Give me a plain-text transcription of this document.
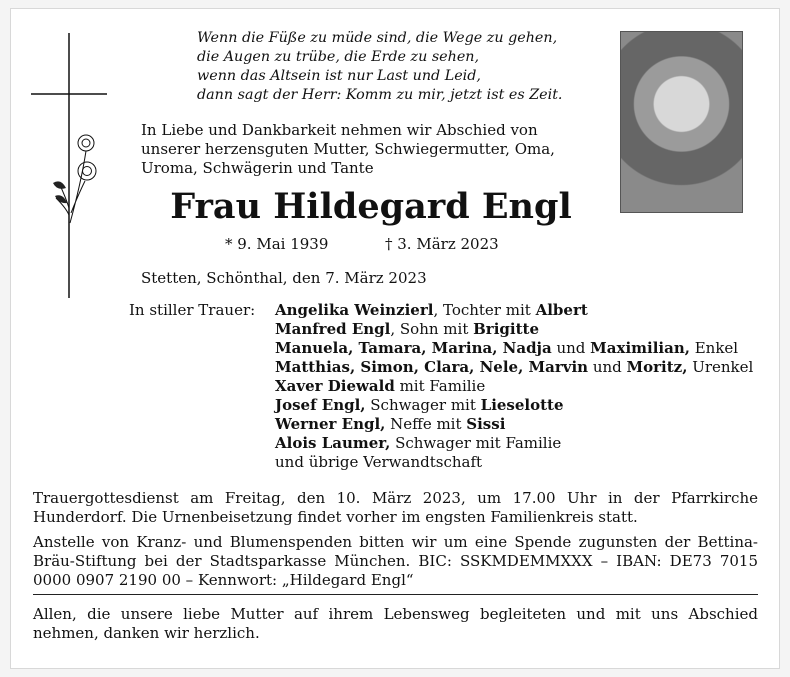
Wenn die Füße zu müde sind, die Wege zu gehen,
die Augen zu trübe, die Erde zu sehen,
wenn das Altsein ist nur Last und Leid,
dann sagt der Herr: Komm zu mir, jetzt ist es Zeit.
In Liebe und Dankbarkeit nehmen wir Abschied von
unserer herzensguten Mutter, Schwiegermutter, Oma,
Uroma, Schwägerin und Tante
Frau Hildegard Engl
* 9. Mai 1939	† 3. März 2023
Stetten, Schönthal, den 7. März 2023
In stiller Trauer: Angelika Weinzierl, Tochter mit Albert
Manfred Engl, Sohn mit Brigitte
Manuela, Tamara, Marina, Nadja und Maximilian, Enkel
Matthias, Simon, Clara, Nele, Marvin und Moritz, Urenkel
Xaver Diewald mit Familie
Josef Engl, Schwager mit Lieselotte
Werner Engl, Neffe mit Sissi
Alois Laumer, Schwager mit Familie
und übrige Verwandtschaft
Trauergottesdienst am Freitag, den 10. März 2023, um 17.00 Uhr in der Pfarrkirche Hunderdorf. Die Urnenbeisetzung findet vorher im engsten Familienkreis statt.
Anstelle von Kranz- und Blumenspenden bitten wir um eine Spende zugunsten der Bettina-Bräu-Stiftung bei der Stadtsparkasse München. BIC: SSKMDEMMXXX – IBAN: DE73 7015 0000 0907 2190 00 – Kennwort: „Hildegard Engl“
Allen, die unsere liebe Mutter auf ihrem Lebensweg begleiteten und mit uns Abschied nehmen, danken wir herzlich.
